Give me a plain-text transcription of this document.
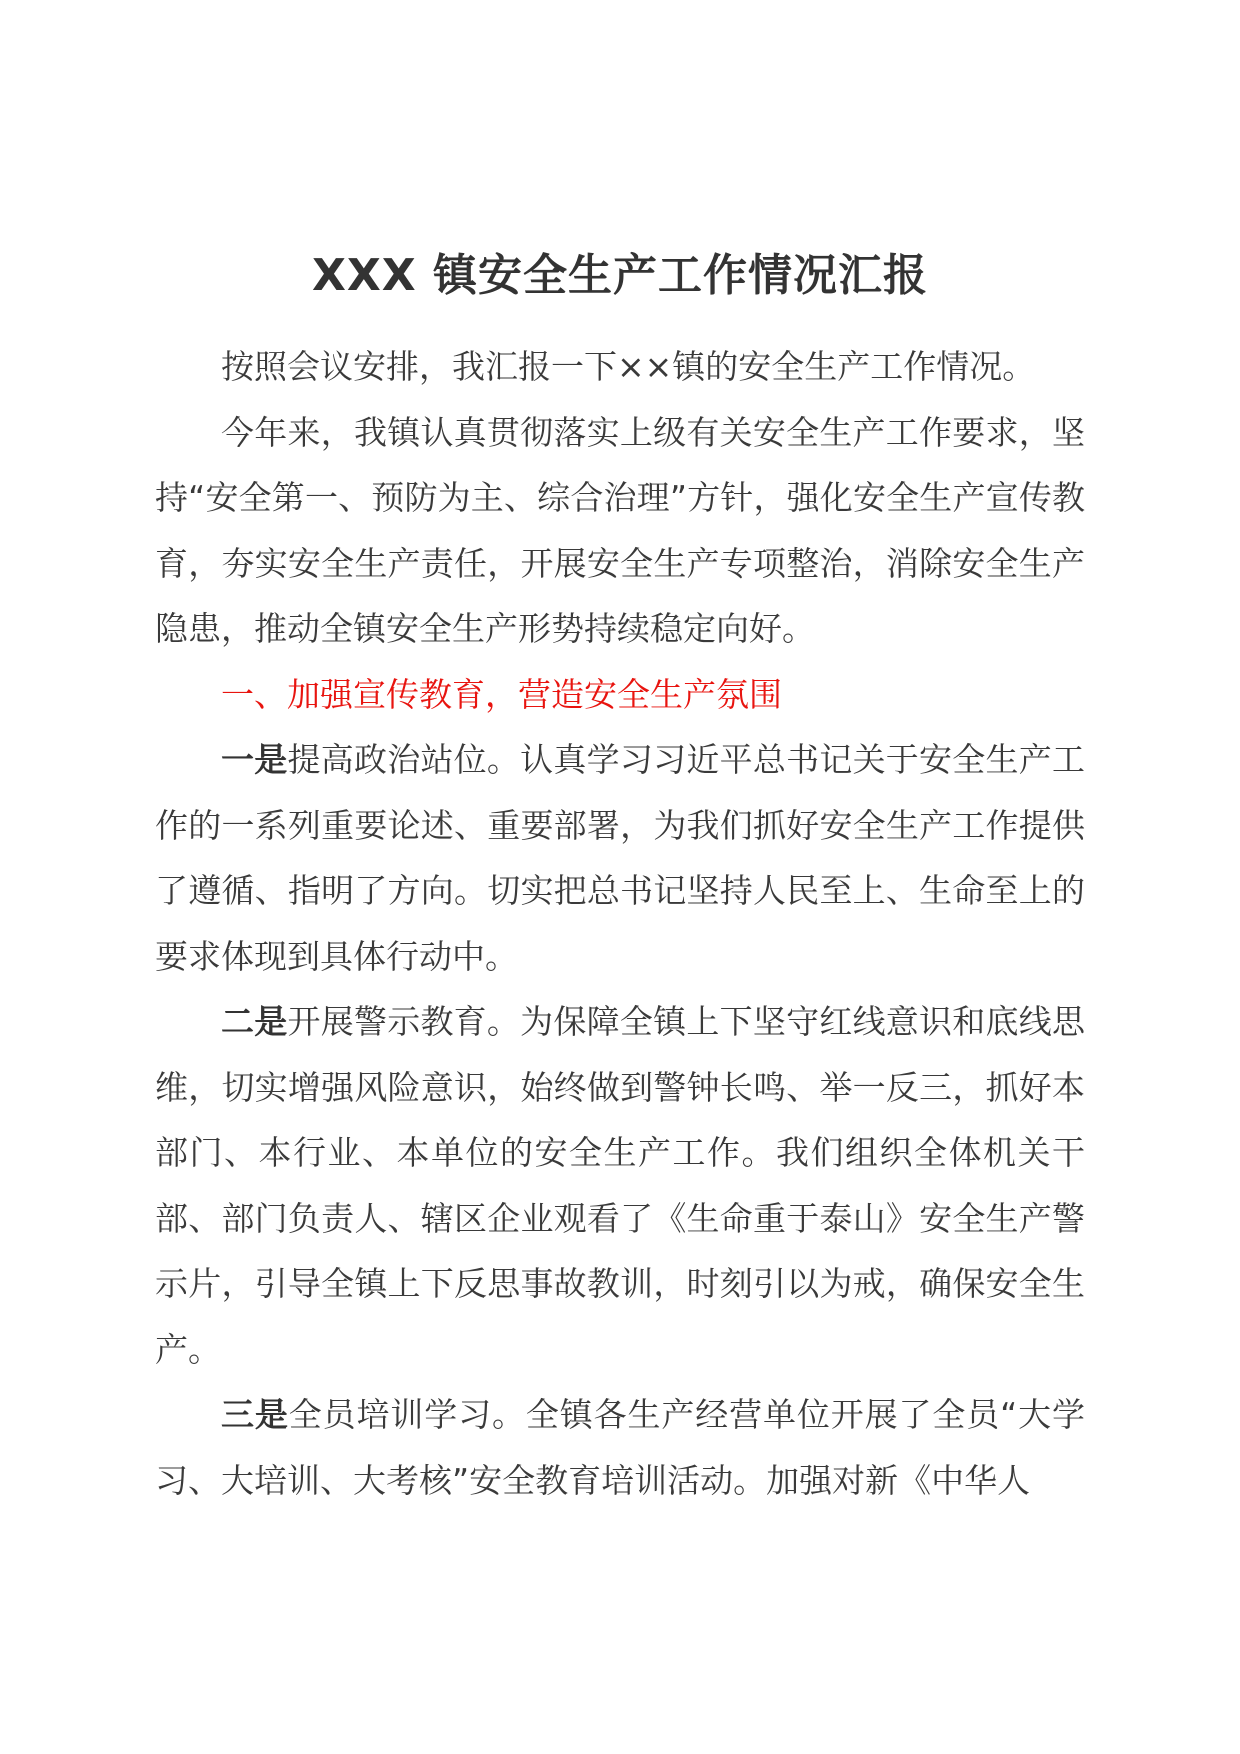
XXX 镇安全生产工作情况汇报

按照会议安排，我汇报一下××镇的安全生产工作情况。

今年来，我镇认真贯彻落实上级有关安全生产工作要求，坚持“安全第一、预防为主、综合治理”方针，强化安全生产宣传教育，夯实安全生产责任，开展安全生产专项整治，消除安全生产隐患，推动全镇安全生产形势持续稳定向好。

一、加强宣传教育，营造安全生产氛围

一是提高政治站位。认真学习习近平总书记关于安全生产工作的一系列重要论述、重要部署，为我们抓好安全生产工作提供了遵循、指明了方向。切实把总书记坚持人民至上、生命至上的要求体现到具体行动中。

二是开展警示教育。为保障全镇上下坚守红线意识和底线思维，切实增强风险意识，始终做到警钟长鸣、举一反三，抓好本部门、本行业、本单位的安全生产工作。我们组织全体机关干部、部门负责人、辖区企业观看了《生命重于泰山》安全生产警示片，引导全镇上下反思事故教训，时刻引以为戒，确保安全生产。

三是全员培训学习。全镇各生产经营单位开展了全员“大学习、大培训、大考核”安全教育培训活动。加强对新《中华人
